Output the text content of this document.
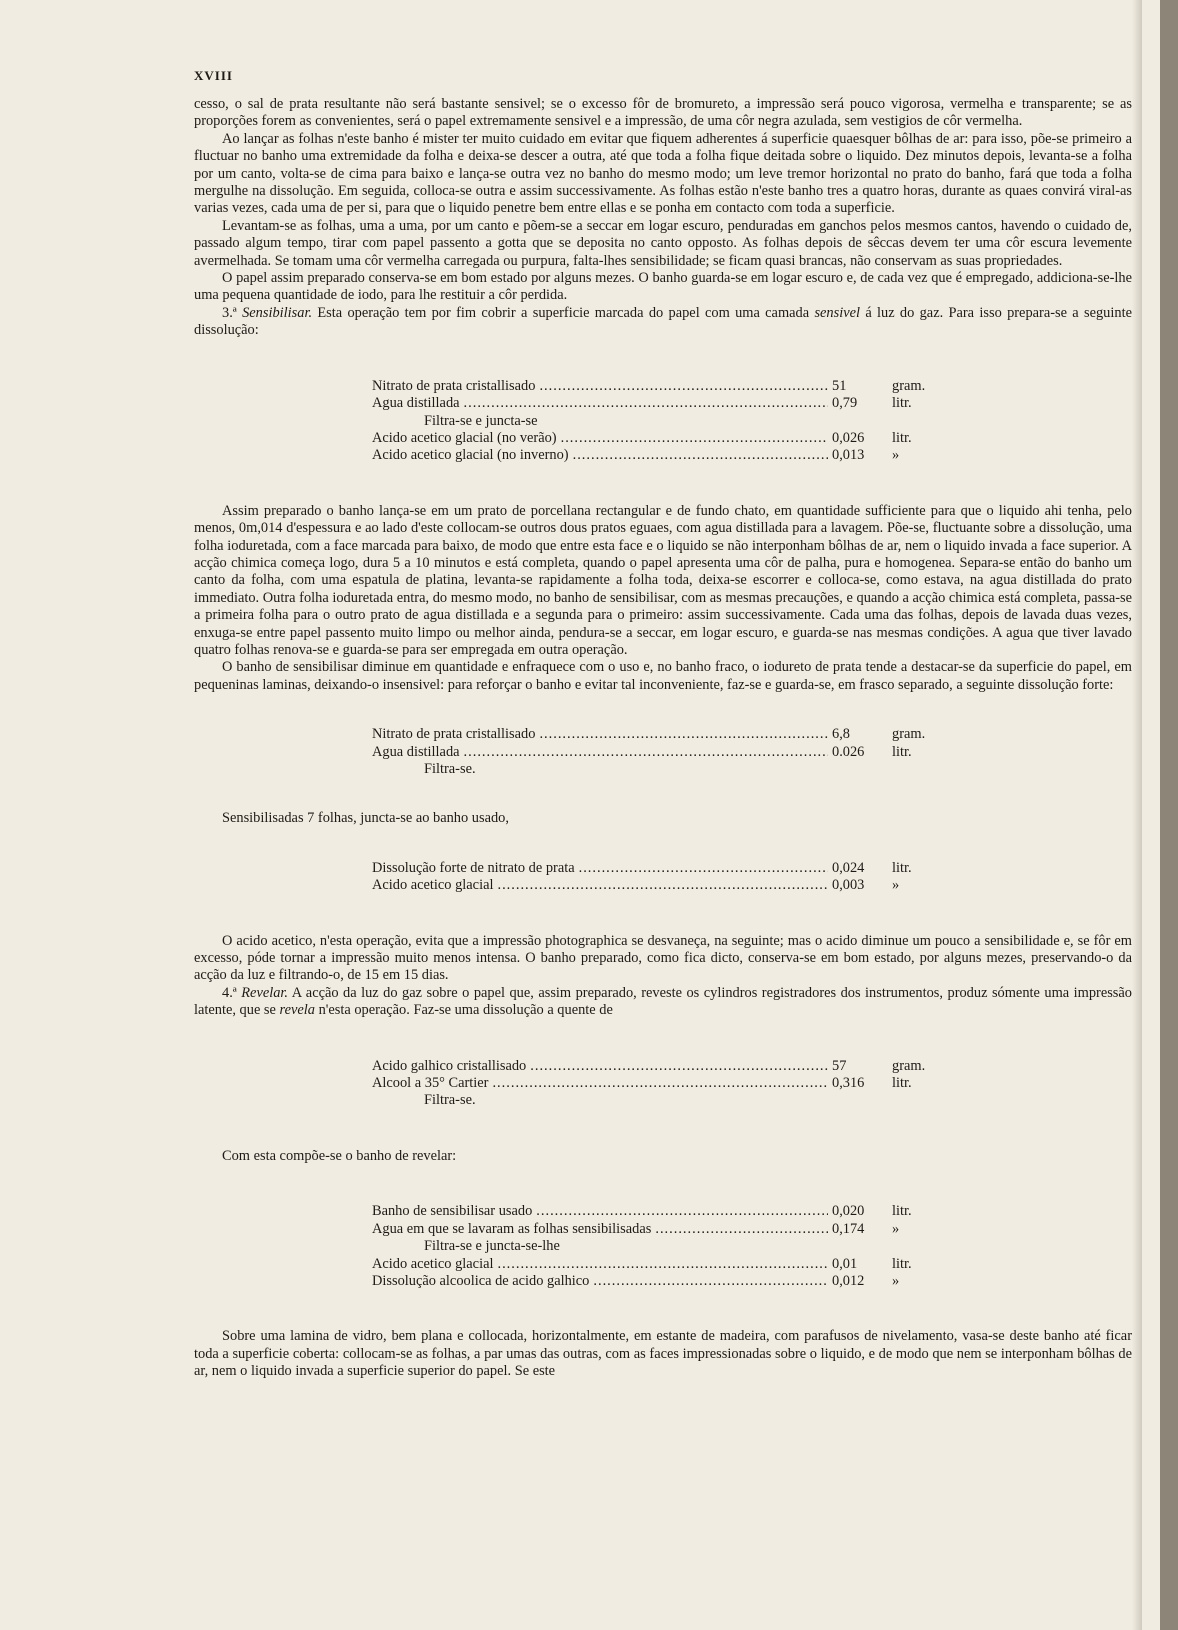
XVIII

cesso, o sal de prata resultante não será bastante sensivel; se o excesso fôr de bromureto, a impressão será pouco vigorosa, vermelha e transparente; se as proporções forem as convenientes, será o papel extremamente sensivel e a impressão, de uma côr negra azulada, sem vestigios de côr vermelha.

Ao lançar as folhas n'este banho é mister ter muito cuidado em evitar que fiquem adherentes á superficie quaesquer bôlhas de ar: para isso, põe-se primeiro a fluctuar no banho uma extremidade da folha e deixa-se descer a outra, até que toda a folha fique deitada sobre o liquido. Dez minutos depois, levanta-se a folha por um canto, volta-se de cima para baixo e lança-se outra vez no banho do mesmo modo; um leve tremor horizontal no prato do banho, fará que toda a folha mergulhe na dissolução. Em seguida, colloca-se outra e assim successivamente. As folhas estão n'este banho tres a quatro horas, durante as quaes convirá viral-as varias vezes, cada uma de per si, para que o liquido penetre bem entre ellas e se ponha em contacto com toda a superficie.

Levantam-se as folhas, uma a uma, por um canto e põem-se a seccar em logar escuro, penduradas em ganchos pelos mesmos cantos, havendo o cuidado de, passado algum tempo, tirar com papel passento a gotta que se deposita no canto opposto. As folhas depois de sêccas devem ter uma côr escura levemente avermelhada. Se tomam uma côr vermelha carregada ou purpura, falta-lhes sensibilidade; se ficam quasi brancas, não conservam as suas propriedades.

O papel assim preparado conserva-se em bom estado por alguns mezes. O banho guarda-se em logar escuro e, de cada vez que é empregado, addiciona-se-lhe uma pequena quantidade de iodo, para lhe restituir a côr perdida.

3.ª Sensibilisar. Esta operação tem por fim cobrir a superficie marcada do papel com uma camada sensivel á luz do gaz. Para isso prepara-se a seguinte dissolução:

Nitrato de prata cristallisado .....	51	gram.
Agua distillada .....	0,79	litr.
Filtra-se e juncta-se
Acido acetico glacial (no verão) .....	0,026	litr.
Acido acetico glacial (no inverno) .....	0,013	»

Assim preparado o banho lança-se em um prato de porcellana rectangular e de fundo chato, em quantidade sufficiente para que o liquido ahi tenha, pelo menos, 0m,014 d'espessura e ao lado d'este collocam-se outros dous pratos eguaes, com agua distillada para a lavagem. Põe-se, fluctuante sobre a dissolução, uma folha ioduretada, com a face marcada para baixo, de modo que entre esta face e o liquido se não interponham bôlhas de ar, nem o liquido invada a face superior. A acção chimica começa logo, dura 5 a 10 minutos e está completa, quando o papel apresenta uma côr de palha, pura e homogenea. Separa-se então do banho um canto da folha, com uma espatula de platina, levanta-se rapidamente a folha toda, deixa-se escorrer e colloca-se, como estava, na agua distillada do prato immediato. Outra folha ioduretada entra, do mesmo modo, no banho de sensibilisar, com as mesmas precauções, e quando a acção chimica está completa, passa-se a primeira folha para o outro prato de agua distillada e a segunda para o primeiro: assim successivamente. Cada uma das folhas, depois de lavada duas vezes, enxuga-se entre papel passento muito limpo ou melhor ainda, pendura-se a seccar, em logar escuro, e guarda-se nas mesmas condições. A agua que tiver lavado quatro folhas renova-se e guarda-se para ser empregada em outra operação.

O banho de sensibilisar diminue em quantidade e enfraquece com o uso e, no banho fraco, o iodureto de prata tende a destacar-se da superficie do papel, em pequeninas laminas, deixando-o insensivel: para reforçar o banho e evitar tal inconveniente, faz-se e guarda-se, em frasco separado, a seguinte dissolução forte:

Nitrato de prata cristallisado .....	6,8	gram.
Agua distillada .....	0.026	litr.
Filtra-se.

Sensibilisadas 7 folhas, juncta-se ao banho usado,

Dissolução forte de nitrato de prata .....	0,024	litr.
Acido acetico glacial .....	0,003	»

O acido acetico, n'esta operação, evita que a impressão photographica se desvaneça, na seguinte; mas o acido diminue um pouco a sensibilidade e, se fôr em excesso, póde tornar a impressão muito menos intensa. O banho preparado, como fica dicto, conserva-se em bom estado, por alguns mezes, preservando-o da acção da luz e filtrando-o, de 15 em 15 dias.

4.ª Revelar. A acção da luz do gaz sobre o papel que, assim preparado, reveste os cylindros registradores dos instrumentos, produz sómente uma impressão latente, que se revela n'esta operação. Faz-se uma dissolução a quente de

Acido galhico cristallisado .....	57	gram.
Alcool a 35° Cartier .....	0,316	litr.
Filtra-se.

Com esta compõe-se o banho de revelar:

Banho de sensibilisar usado .....	0,020	litr.
Agua em que se lavaram as folhas sensibilisadas .....	0,174	»
Filtra-se e juncta-se-lhe
Acido acetico glacial .....	0,01	litr.
Dissolução alcoolica de acido galhico .....	0,012	»

Sobre uma lamina de vidro, bem plana e collocada, horizontalmente, em estante de madeira, com parafusos de nivelamento, vasa-se deste banho até ficar toda a superficie coberta: collocam-se as folhas, a par umas das outras, com as faces impressionadas sobre o liquido, e de modo que nem se interponham bôlhas de ar, nem o liquido invada a superficie superior do papel. Se este
